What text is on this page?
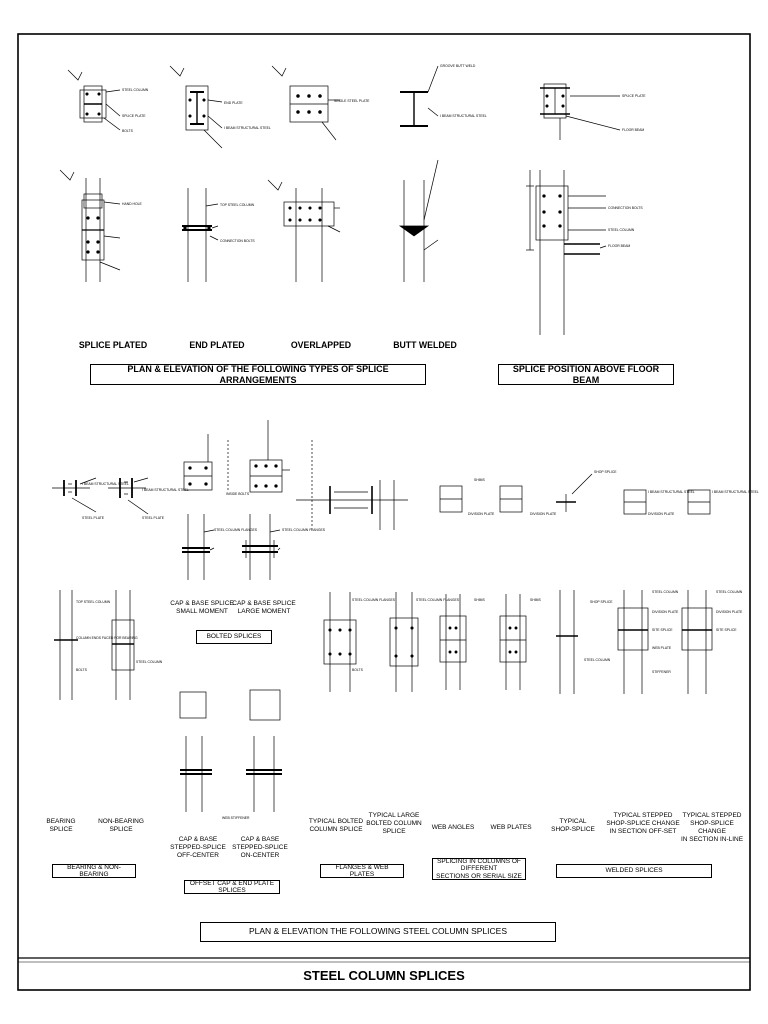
SPLICE PLATED	END PLATED	OVERLAPPED	BUTT WELDED
PLAN & ELEVATION OF THE FOLLOWING TYPES OF SPLICE ARRANGEMENTS
SPLICE POSITION ABOVE FLOOR BEAM
STEEL COLUMN
SPLICE PLATE
BOLTS
END PLATE
I BEAM STRUCTURAL STEEL
SINGLE STEEL PLATE
GROOVE BUTT WELD
I BEAM STRUCTURAL STEEL
HAND HOLE	TOP STEEL COLUMN
CONNECTION BOLTS
FLOOR BEAM
SPLICE PLATE
CONNECTION BOLTS
STEEL COLUMN
FLOOR BEAM
CAP & BASE SPLICE
SMALL MOMENT
CAP & BASE SPLICE
LARGE MOMENT
BOLTED SPLICES
BEARING
SPLICE
NON-BEARING
SPLICE
BEARING & NON-BEARING
CAP & BASE
STEPPED-SPLICE
OFF-CENTER
CAP & BASE
STEPPED-SPLICE
ON-CENTER
OFFSET CAP & END PLATE SPLICES
TYPICAL BOLTED
COLUMN SPLICE
TYPICAL LARGE
BOLTED COLUMN
SPLICE
FLANGES & WEB PLATES
WEB ANGLES	WEB PLATES
SPLICING IN COLUMNS OF DIFFERENT
SECTIONS OR SERIAL SIZE
TYPICAL
SHOP-SPLICE
TYPICAL STEPPED
SHOP-SPLICE CHANGE
IN SECTION OFF-SET
TYPICAL STEPPED
SHOP-SPLICE CHANGE
IN SECTION IN-LINE
WELDED SPLICES
I BEAM STRUCTURAL STEEL
STEEL PLATE
I BEAM STRUCTURAL STEEL
STEEL PLATE
INSIDE BOLTS
STEEL COLUMN FLANGES	STEEL COLUMN FLANGES
SHIMS
DIVISION PLATE	DIVISION PLATE
SHOP SPLICE
I BEAM STRUCTURAL STEEL
DIVISION PLATE
I BEAM STRUCTURAL STEEL
TOP STEEL COLUMN
COLUMN ENDS FACED FOR BEARING
BOLTS
STEEL COLUMN
STEEL COLUMN FLANGES
BOLTS
STEEL COLUMN FLANGES	SHIMS	SHIMS	SHOP SPLICE
STEEL COLUMN
STEEL COLUMN
DIVISION PLATE
SITE SPLICE
WEB PLATE
STIFFENER
STEEL COLUMN
DIVISION PLATE
SITE SPLICE
WEB STIFFENER
PLAN & ELEVATION THE FOLLOWING STEEL COLUMN SPLICES
STEEL COLUMN SPLICES
